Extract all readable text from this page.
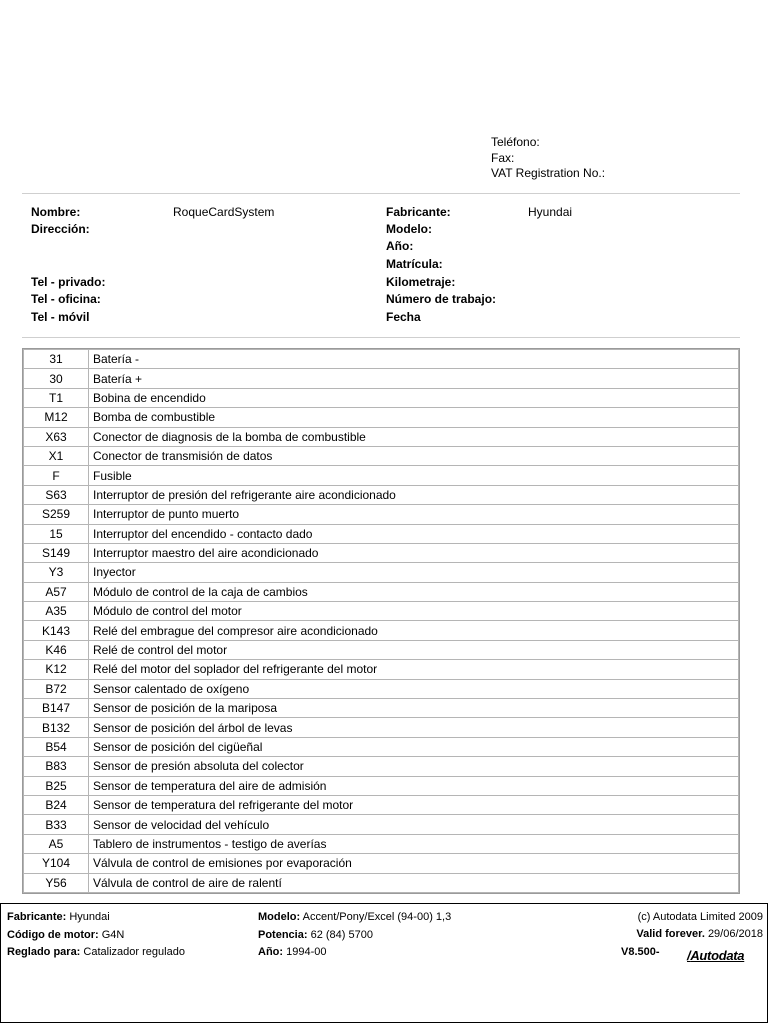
Teléfono:
Fax:
VAT Registration No.:
Nombre:	RoqueCardSystem
Dirección:
Tel - privado:
Tel - oficina:
Tel - móvil
Fabricante:	Hyundai
Modelo:
Año:
Matrícula:
Kilometraje:
Número de trabajo:
Fecha
31	Batería -
30	Batería +
T1	Bobina de encendido
M12	Bomba de combustible
X63	Conector de diagnosis de la bomba de combustible
X1	Conector de transmisión de datos
F	Fusible
S63	Interruptor de presión del refrigerante aire acondicionado
S259	Interruptor de punto muerto
15	Interruptor del encendido - contacto dado
S149	Interruptor maestro del aire acondicionado
Y3	Inyector
A57	Módulo de control de la caja de cambios
A35	Módulo de control del motor
K143	Relé del embrague del compresor aire acondicionado
K46	Relé de control del motor
K12	Relé del motor del soplador del refrigerante del motor
B72	Sensor calentado de oxígeno
B147	Sensor de posición de la mariposa
B132	Sensor de posición del árbol de levas
B54	Sensor de posición del cigüeñal
B83	Sensor de presión absoluta del colector
B25	Sensor de temperatura del aire de admisión
B24	Sensor de temperatura del refrigerante del motor
B33	Sensor de velocidad del vehículo
A5	Tablero de instrumentos - testigo de averías
Y104	Válvula de control de emisiones por evaporación
Y56	Válvula de control de aire de ralentí
Fabricante: Hyundai
Código de motor: G4N
Reglado para: Catalizador regulado
Modelo: Accent/Pony/Excel (94-00) 1,3
Potencia: 62 (84) 5700
Año: 1994-00
(c) Autodata Limited 2009
Valid forever. 29/06/2018
V8.500- /Autodata
